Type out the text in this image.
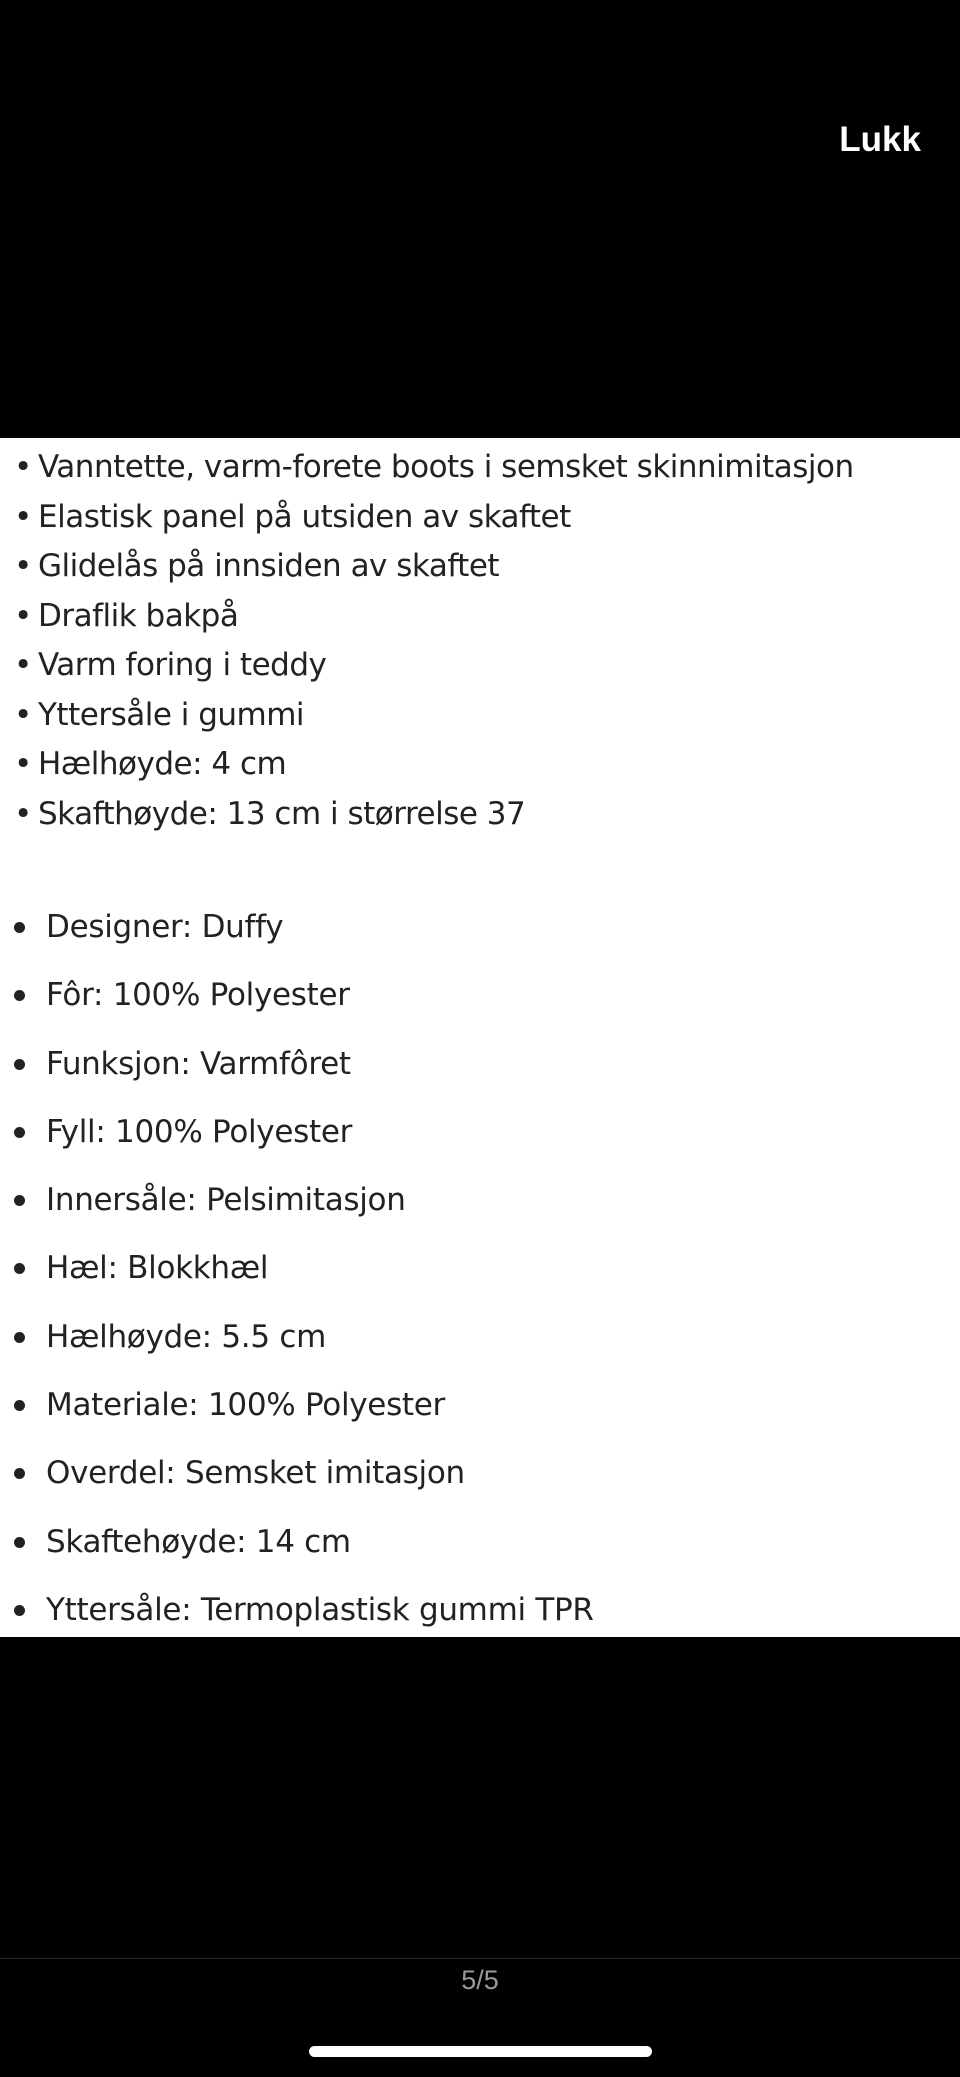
Lukk
• Vanntette, varm-forete boots i semsket skinnimitasjon
• Elastisk panel på utsiden av skaftet
• Glidelås på innsiden av skaftet
• Draflik bakpå
• Varm foring i teddy
• Yttersåle i gummi
• Hælhøyde: 4 cm
• Skafthøyde: 13 cm i størrelse 37
Designer: Duffy
Fôr: 100% Polyester
Funksjon: Varmfôret
Fyll: 100% Polyester
Innersåle: Pelsimitasjon
Hæl: Blokkhæl
Hælhøyde: 5.5 cm
Materiale: 100% Polyester
Overdel: Semsket imitasjon
Skaftehøyde: 14 cm
Yttersåle: Termoplastisk gummi TPR
5/5
